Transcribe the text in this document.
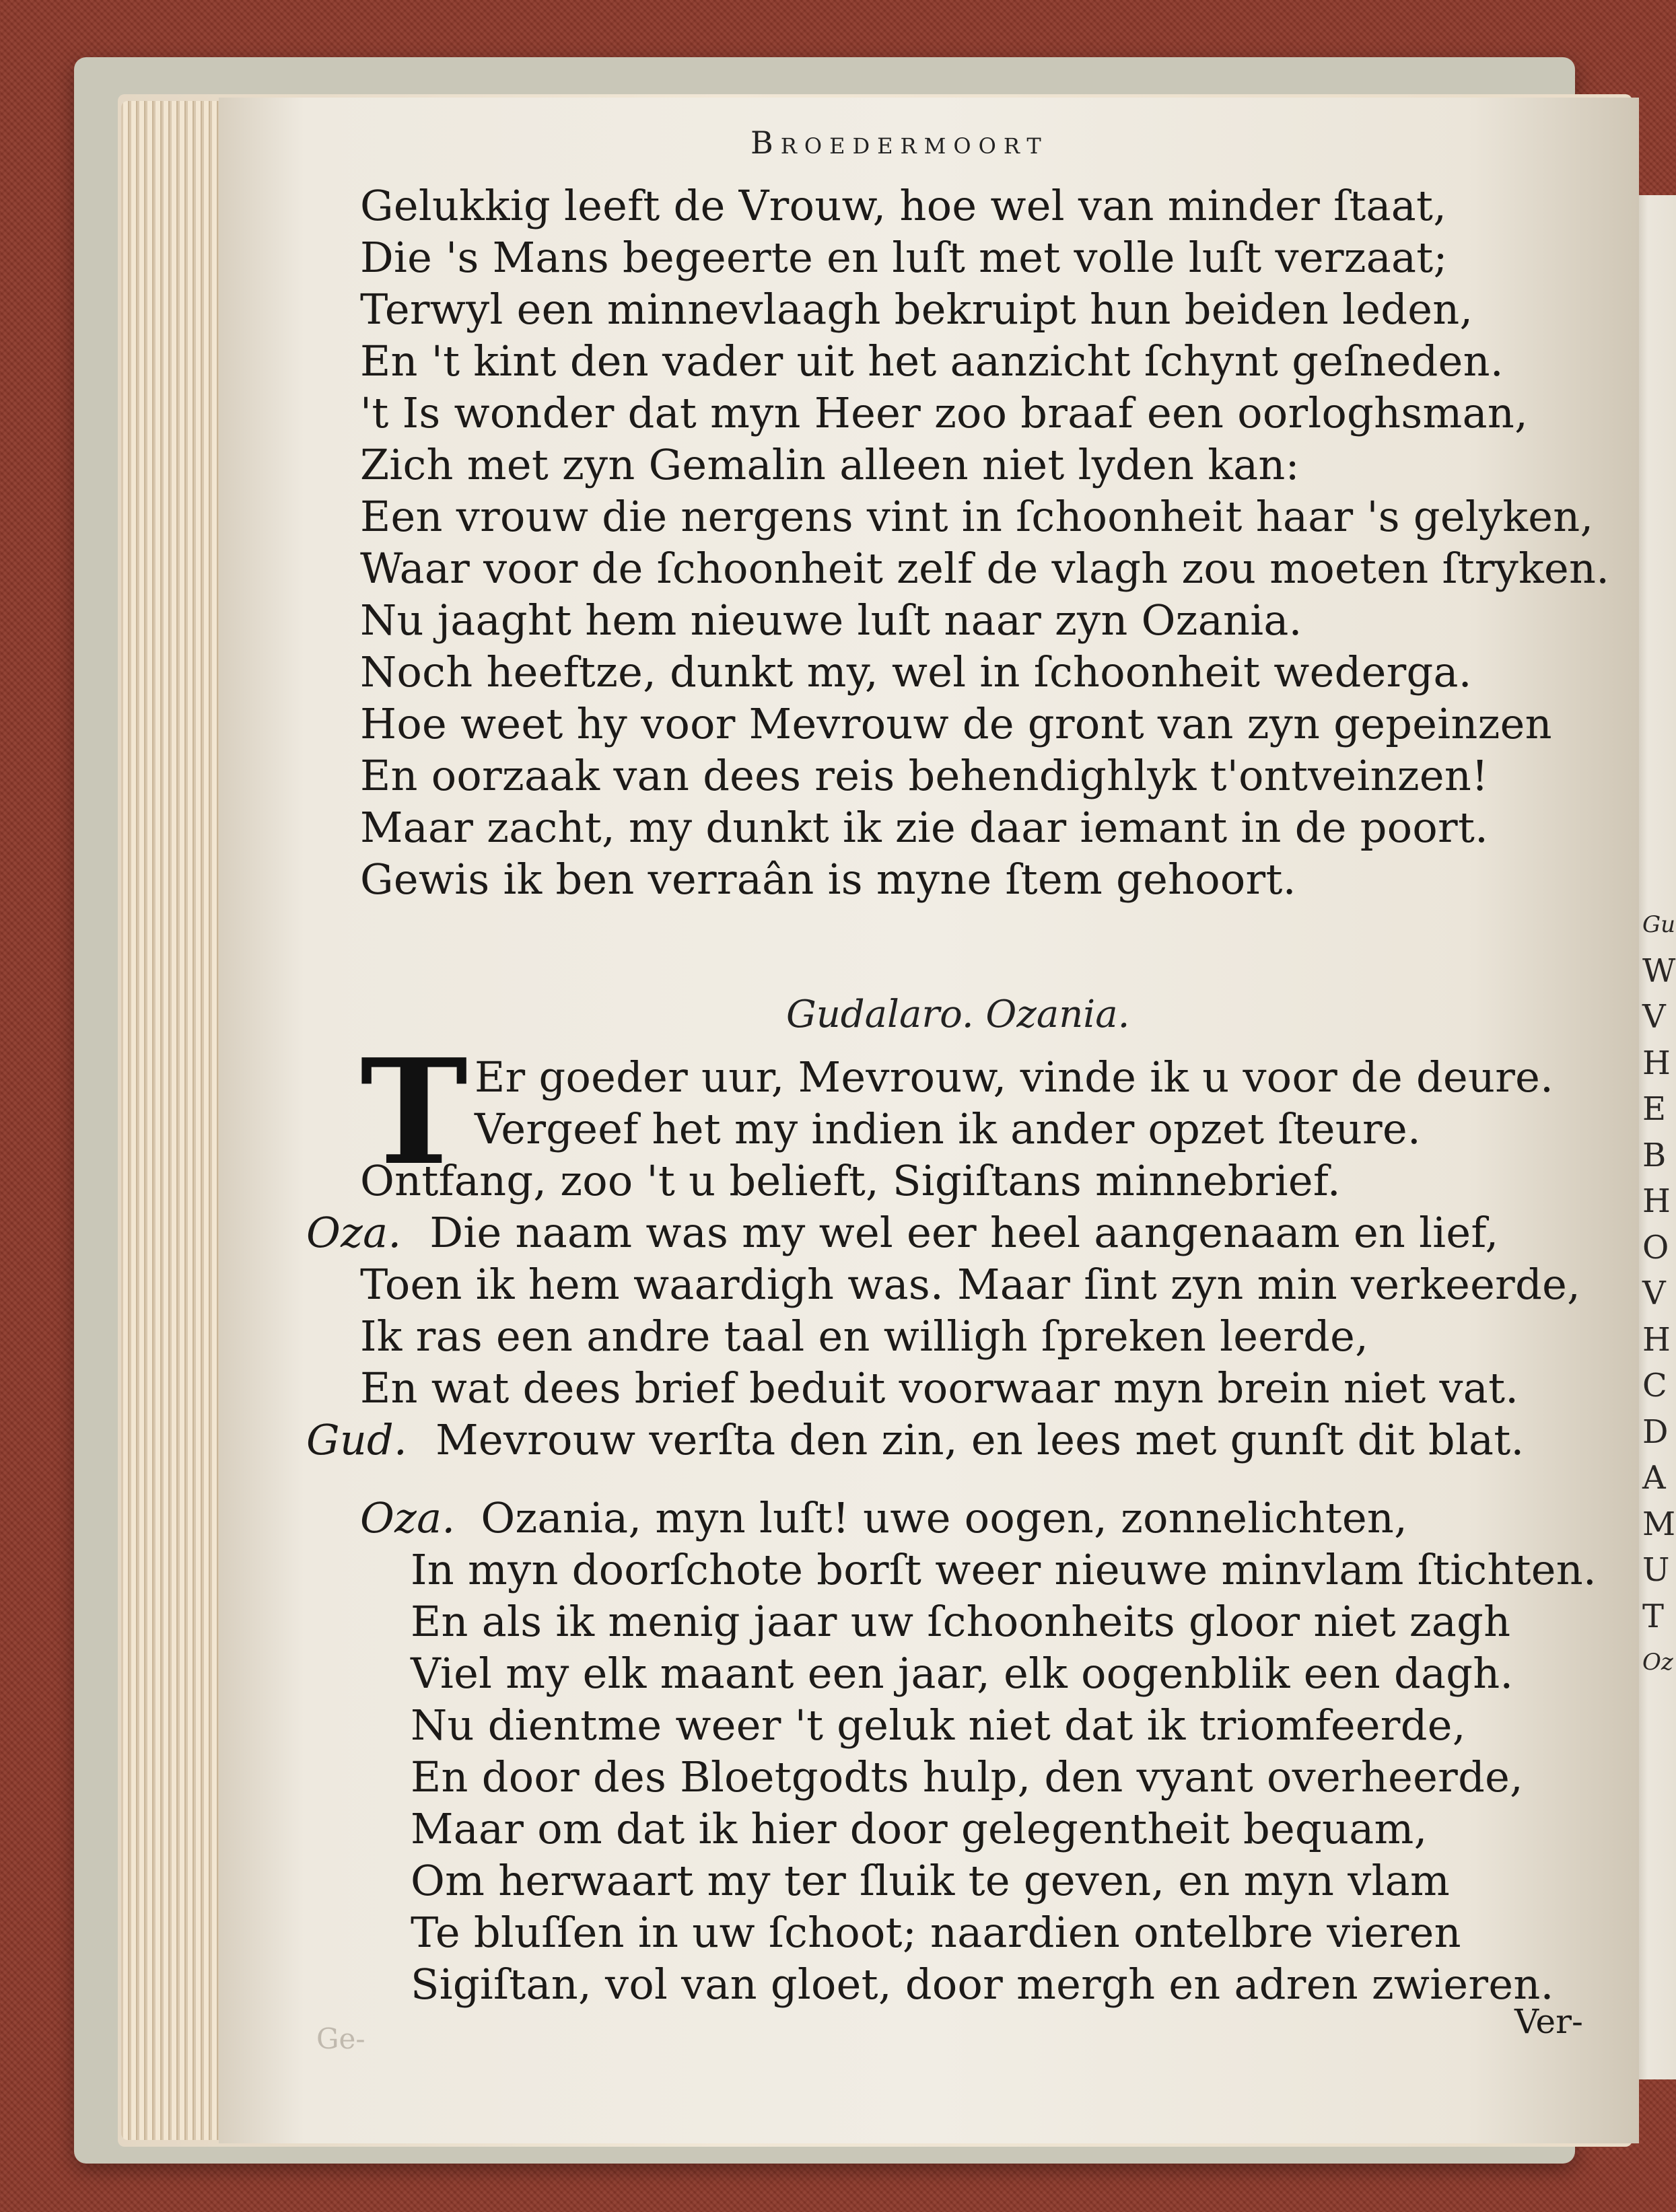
Gu
W
V
H
E
B
H
O
V
H
C
D
A
M
U
T
Oz
Broedermoort
Gelukkig leeft de Vrouw, hoe wel van minder ſtaat,
Die 's Mans begeerte en luſt met volle luſt verzaat;
Terwyl een minnevlaagh bekruipt hun beiden leden,
En 't kint den vader uit het aanzicht ſchynt geſneden.
't Is wonder dat myn Heer zoo braaf een oorloghsman,
Zich met zyn Gemalin alleen niet lyden kan:
Een vrouw die nergens vint in ſchoonheit haar 's gelyken,
Waar voor de ſchoonheit zelf de vlagh zou moeten ſtryken.
Nu jaaght hem nieuwe luſt naar zyn Ozania.
Noch heeftze, dunkt my, wel in ſchoonheit wederga.
Hoe weet hy voor Mevrouw de gront van zyn gepeinzen
En oorzaak van dees reis behendighlyk t'ontveinzen!
Maar zacht, my dunkt ik zie daar iemant in de poort.
Gewis ik ben verraân is myne ſtem gehoort.
Gudalaro. Ozania.
T Er goeder uur, Mevrouw, vinde ik u voor de deure.
Vergeef het my indien ik ander opzet ſteure.
Ontfang, zoo 't u belieft, Sigiſtans minnebrief.
Oza. Die naam was my wel eer heel aangenaam en lief,
Toen ik hem waardigh was. Maar ſint zyn min verkeerde,
Ik ras een andre taal en willigh ſpreken leerde,
En wat dees brief beduit voorwaar myn brein niet vat.
Gud. Mevrouw verſta den zin, en lees met gunſt dit blat.
Oza. Ozania, myn luſt! uwe oogen, zonnelichten,
In myn doorſchote borſt weer nieuwe minvlam ſtichten.
En als ik menig jaar uw ſchoonheits gloor niet zagh
Viel my elk maant een jaar, elk oogenblik een dagh.
Nu dientme weer 't geluk niet dat ik triomfeerde,
En door des Bloetgodts hulp, den vyant overheerde,
Maar om dat ik hier door gelegentheit bequam,
Om herwaart my ter ſluik te geven, en myn vlam
Te bluſſen in uw ſchoot; naardien ontelbre vieren
Sigiſtan, vol van gloet, door mergh en adren zwieren.
Ver-
Ge-
